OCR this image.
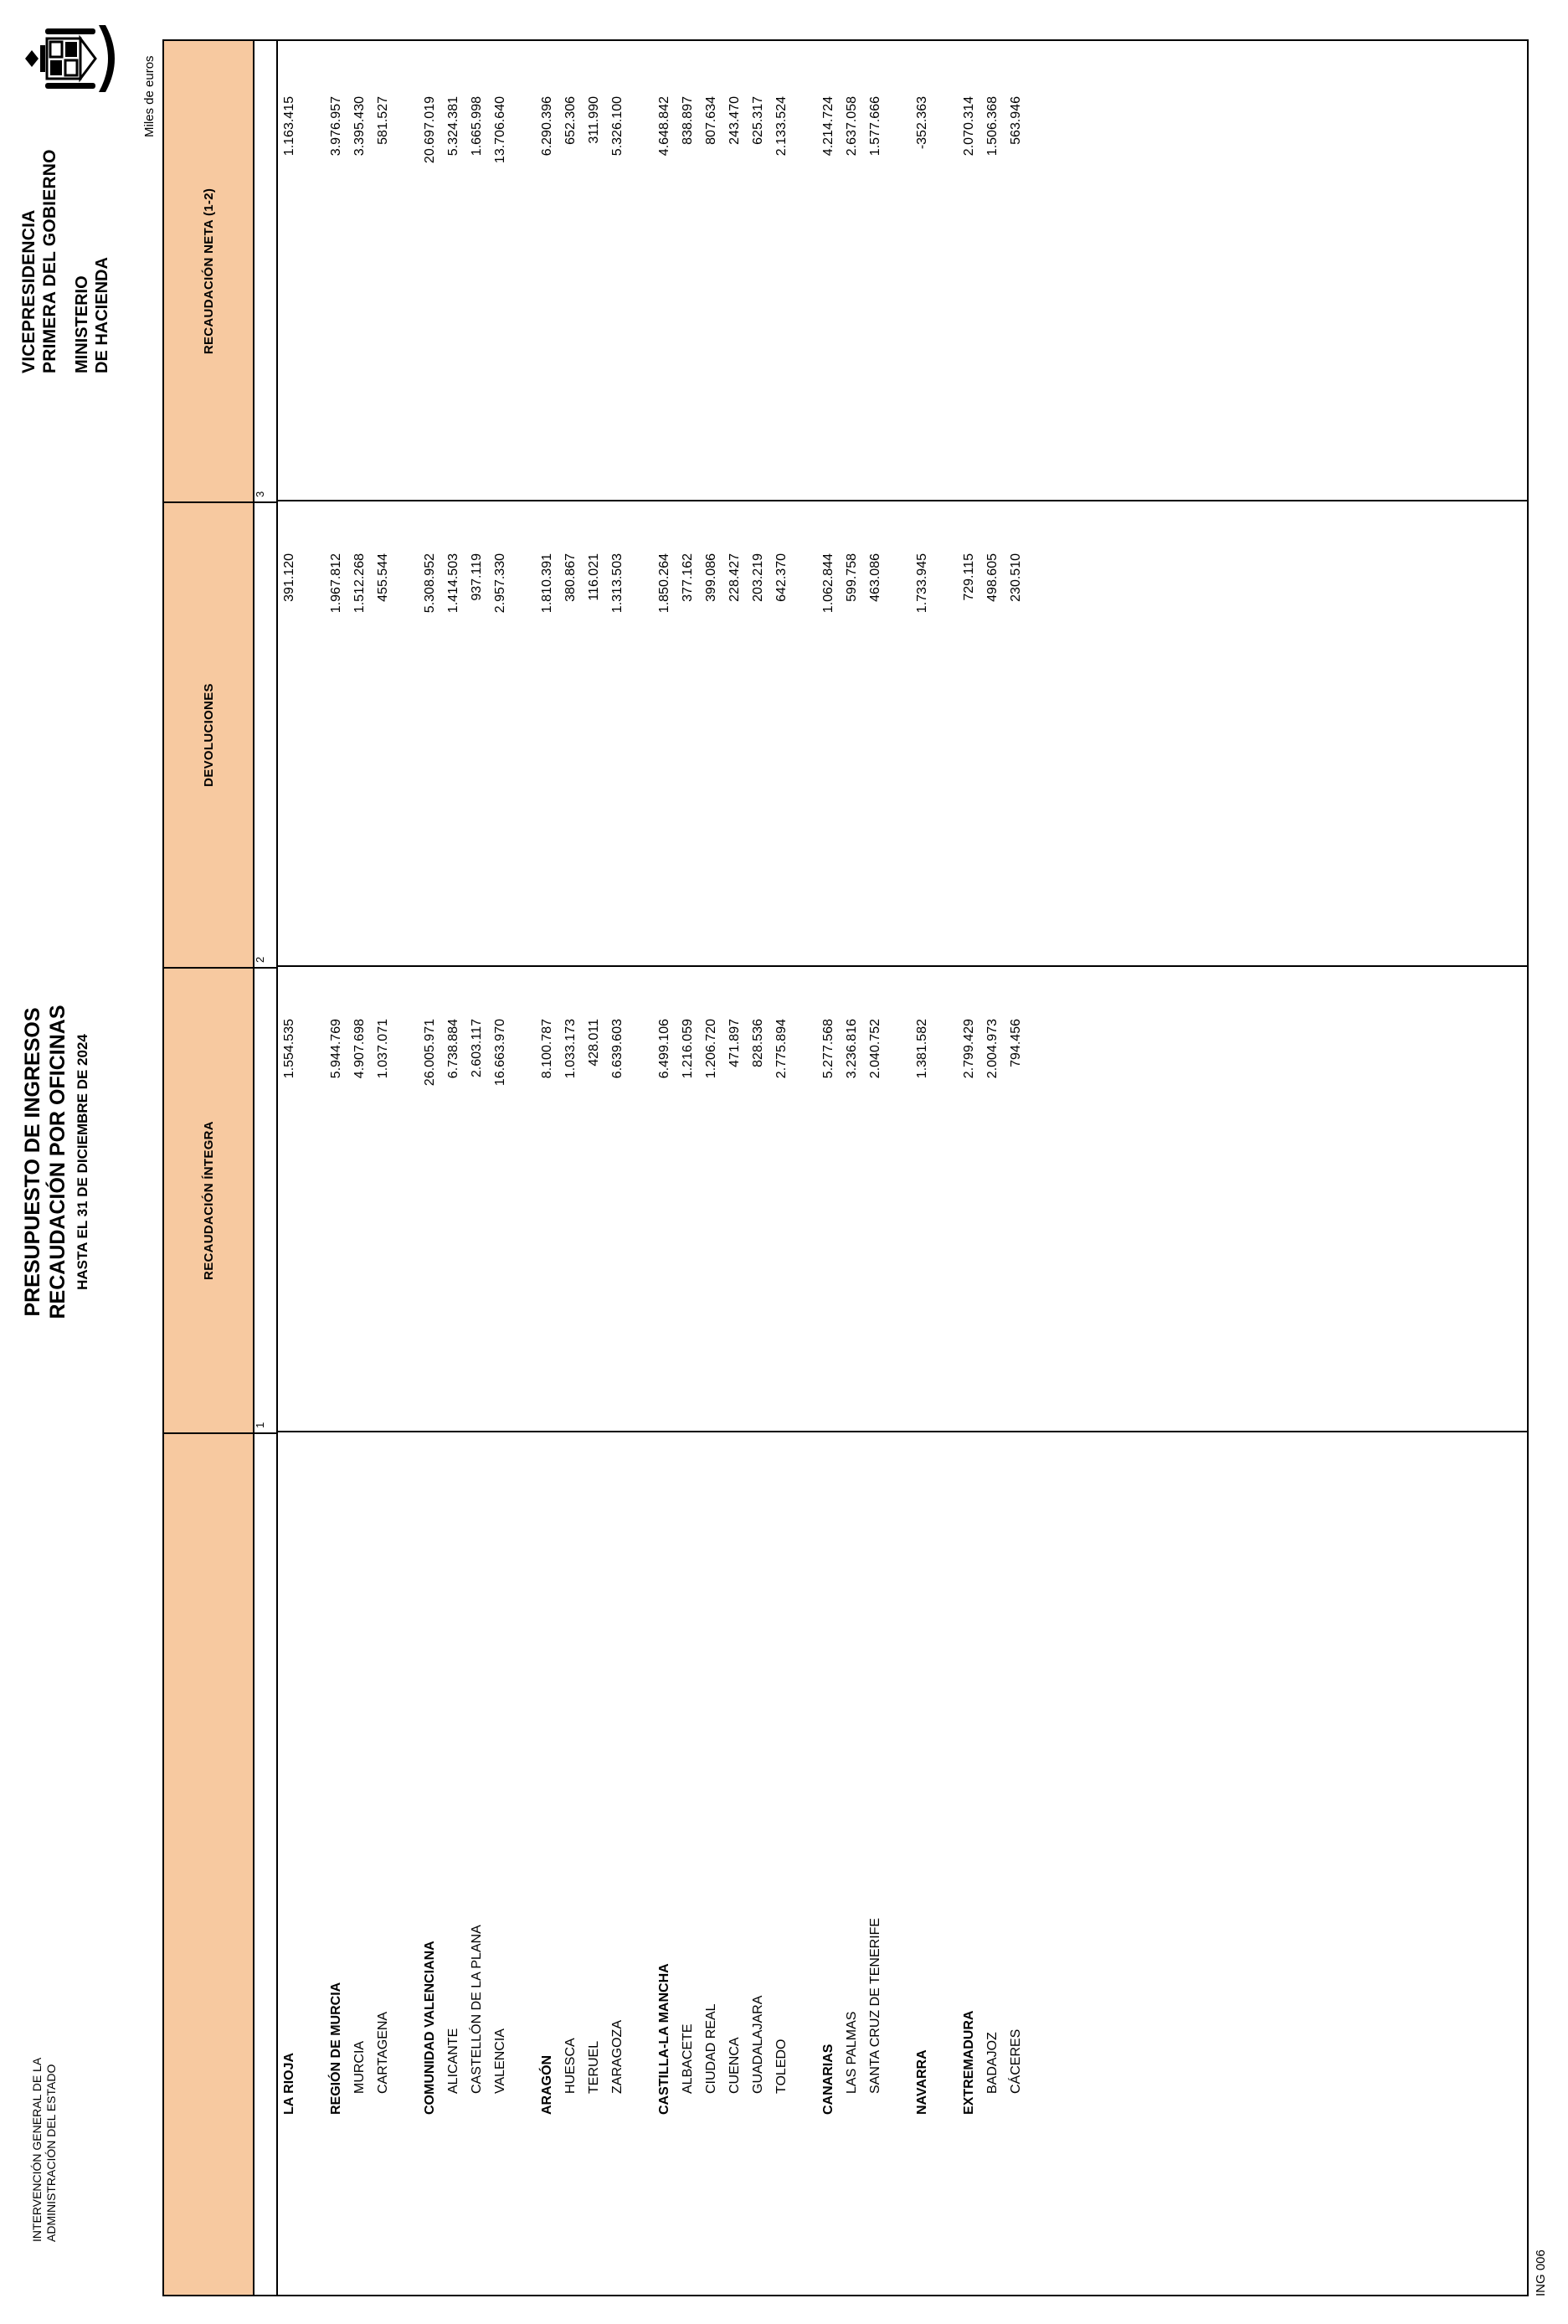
VICEPRESIDENCIA PRIMERA DEL GOBIERNO MINISTERIO DE HACIENDA
PRESUPUESTO DE INGRESOS RECAUDACIÓN POR OFICINAS HASTA EL 31 DE DICIEMBRE DE 2024
INTERVENCIÓN GENERAL DE LA ADMINISTRACIÓN DEL ESTADO
Miles de euros
RECAUDACIÓN ÍNTEGRA
DEVOLUCIONES
RECAUDACIÓN NETA (1-2)
1
2
3
LA RIOJA
1.554.535
391.120
1.163.415
REGIÓN DE MURCIA
5.944.769
1.967.812
3.976.957
MURCIA
4.907.698
1.512.268
3.395.430
CARTAGENA
1.037.071
455.544
581.527
COMUNIDAD VALENCIANA
26.005.971
5.308.952
20.697.019
ALICANTE
6.738.884
1.414.503
5.324.381
CASTELLÓN DE LA PLANA
2.603.117
937.119
1.665.998
VALENCIA
16.663.970
2.957.330
13.706.640
ARAGÓN
8.100.787
1.810.391
6.290.396
HUESCA
1.033.173
380.867
652.306
TERUEL
428.011
116.021
311.990
ZARAGOZA
6.639.603
1.313.503
5.326.100
CASTILLA-LA MANCHA
6.499.106
1.850.264
4.648.842
ALBACETE
1.216.059
377.162
838.897
CIUDAD REAL
1.206.720
399.086
807.634
CUENCA
471.897
228.427
243.470
GUADALAJARA
828.536
203.219
625.317
TOLEDO
2.775.894
642.370
2.133.524
CANARIAS
5.277.568
1.062.844
4.214.724
LAS PALMAS
3.236.816
599.758
2.637.058
SANTA CRUZ DE TENERIFE
2.040.752
463.086
1.577.666
NAVARRA
1.381.582
1.733.945
-352.363
EXTREMADURA
2.799.429
729.115
2.070.314
BADAJOZ
2.004.973
498.605
1.506.368
CÁCERES
794.456
230.510
563.946
ING 006
